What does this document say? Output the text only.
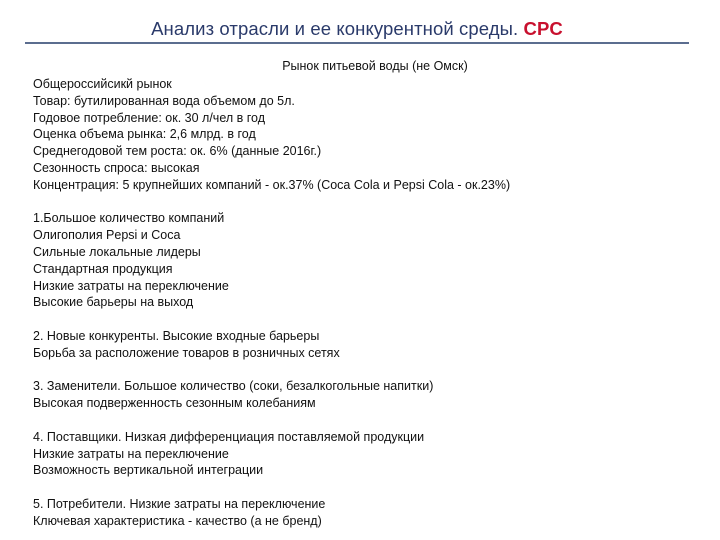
Анализ отрасли и ее конкурентной среды. CPC
Рынок питьевой воды (не Омск)
Общероссийсикй рынок
Товар: бутилированная вода объемом до 5л.
Годовое потребление: ок. 30 л/чел в год
Оценка объема рынка: 2,6 млрд. в год
Среднегодовой тем роста: ок. 6% (данные 2016г.)
Сезонность спроса: высокая
Концентрация: 5 крупнейших компаний - ок.37% (Coca Cola и Pepsi Cola - ок.23%)
1.Большое количество компаний
Олигополия Pepsi и Coca
Сильные локальные лидеры
Стандартная продукция
Низкие затраты на переключение
Высокие барьеры на выход
2. Новые конкуренты. Высокие входные барьеры
Борьба за расположение товаров в розничных сетях
3. Заменители. Большое количество (соки, безалкогольные напитки)
Высокая подверженность сезонным колебаниям
4. Поставщики. Низкая дифференциация поставляемой продукции
Низкие затраты на переключение
Возможность вертикальной интеграции
5. Потребители. Низкие затраты на переключение
Ключевая характеристика - качество (а не бренд)
